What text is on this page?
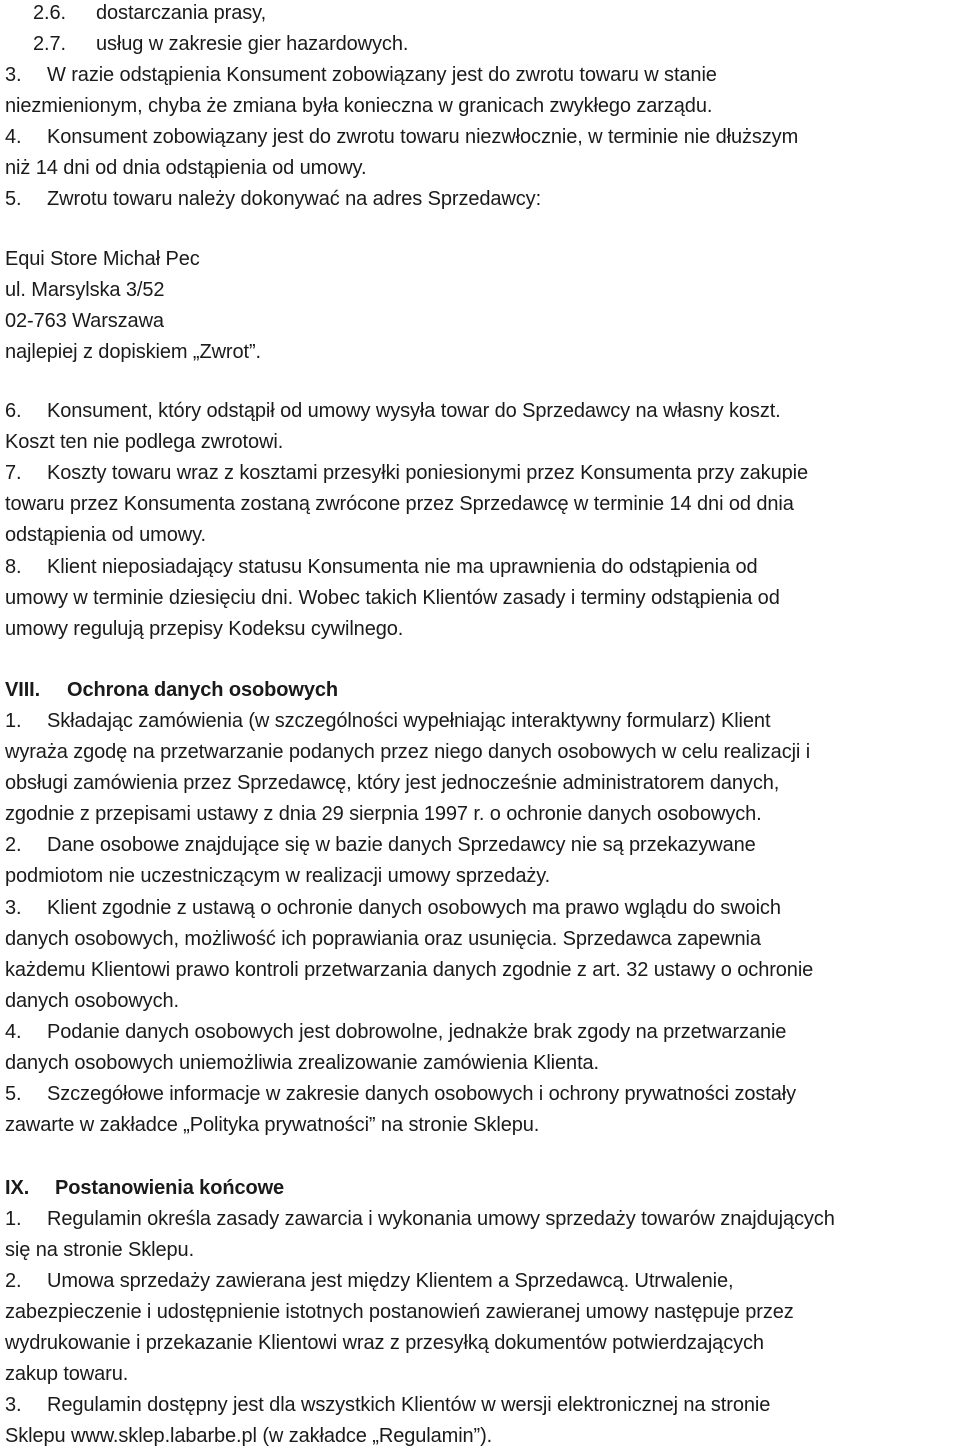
2.6. dostarczania prasy,
2.7. usług w zakresie gier hazardowych.
3. W razie odstąpienia Konsument zobowiązany jest do zwrotu towaru w stanie
niezmienionym, chyba że zmiana była konieczna w granicach zwykłego zarządu.
4. Konsument zobowiązany jest do zwrotu towaru niezwłocznie, w terminie nie dłuższym
niż 14 dni od dnia odstąpienia od umowy.
5. Zwrotu towaru należy dokonywać na adres Sprzedawcy:
Equi Store Michał Pec
ul. Marsylska 3/52
02-763 Warszawa
najlepiej z dopiskiem „Zwrot”.
6. Konsument, który odstąpił od umowy wysyła towar do Sprzedawcy na własny koszt.
Koszt ten nie podlega zwrotowi.
7. Koszty towaru wraz z kosztami przesyłki poniesionymi przez Konsumenta przy zakupie
towaru przez Konsumenta zostaną zwrócone przez Sprzedawcę w terminie 14 dni od dnia
odstąpienia od umowy.
8. Klient nieposiadający statusu Konsumenta nie ma uprawnienia do odstąpienia od
umowy w terminie dziesięciu dni. Wobec takich Klientów zasady i terminy odstąpienia od
umowy regulują przepisy Kodeksu cywilnego.
VIII. Ochrona danych osobowych
1. Składając zamówienia (w szczególności wypełniając interaktywny formularz) Klient
wyraża zgodę na przetwarzanie podanych przez niego danych osobowych w celu realizacji i
obsługi zamówienia przez Sprzedawcę, który jest jednocześnie administratorem danych,
zgodnie z przepisami ustawy z dnia 29 sierpnia 1997 r. o ochronie danych osobowych.
2. Dane osobowe znajdujące się w bazie danych Sprzedawcy nie są przekazywane
podmiotom nie uczestniczącym w realizacji umowy sprzedaży.
3. Klient zgodnie z ustawą o ochronie danych osobowych ma prawo wglądu do swoich
danych osobowych, możliwość ich poprawiania oraz usunięcia. Sprzedawca zapewnia
każdemu Klientowi prawo kontroli przetwarzania danych zgodnie z art. 32 ustawy o ochronie
danych osobowych.
4. Podanie danych osobowych jest dobrowolne, jednakże brak zgody na przetwarzanie
danych osobowych uniemożliwia zrealizowanie zamówienia Klienta.
5. Szczegółowe informacje w zakresie danych osobowych i ochrony prywatności zostały
zawarte w zakładce „Polityka prywatności” na stronie Sklepu.
IX. Postanowienia końcowe
1. Regulamin określa zasady zawarcia i wykonania umowy sprzedaży towarów znajdujących
się na stronie Sklepu.
2. Umowa sprzedaży zawierana jest między Klientem a Sprzedawcą. Utrwalenie,
zabezpieczenie i udostępnienie istotnych postanowień zawieranej umowy następuje przez
wydrukowanie i przekazanie Klientowi wraz z przesyłką dokumentów potwierdzających
zakup towaru.
3. Regulamin dostępny jest dla wszystkich Klientów w wersji elektronicznej na stronie
Sklepu www.sklep.labarbe.pl (w zakładce „Regulamin”).
